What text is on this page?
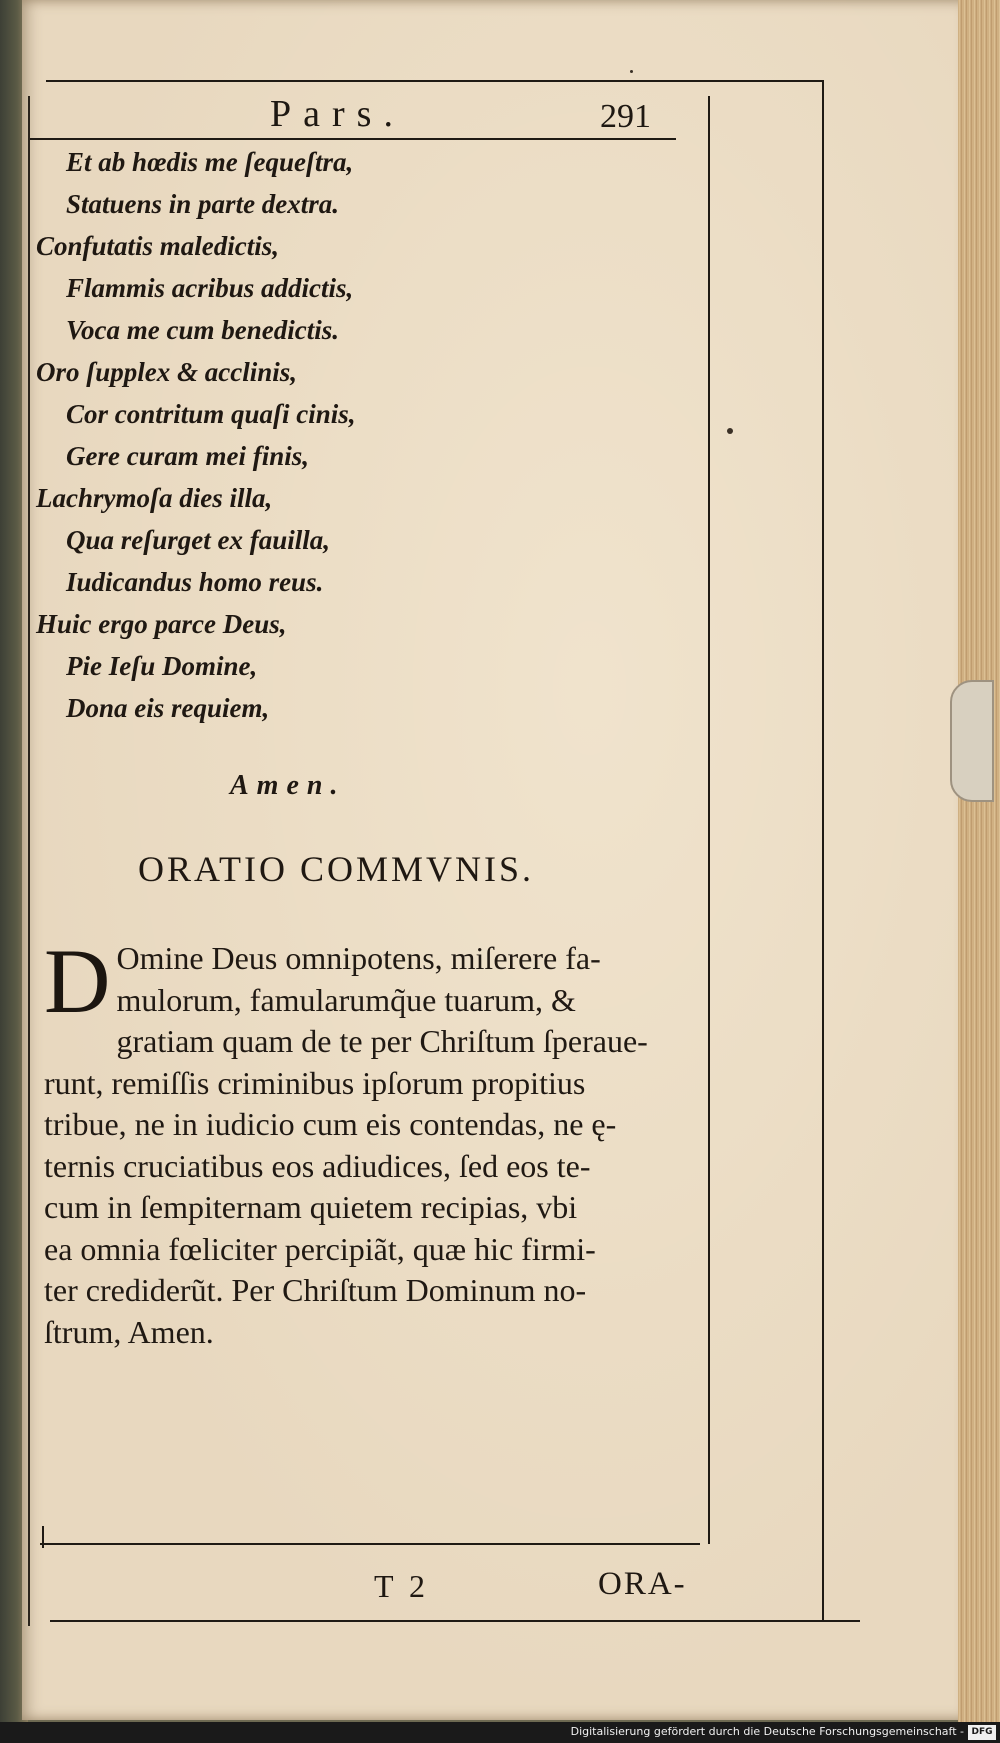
Pars.	291
Et ab hœdis me ſequeſtra,
Statuens in parte dextra.
Confutatis maledictis,
Flammis acribus addictis,
Voca me cum benedictis.
Oro ſupplex & acclinis,
Cor contritum quaſi cinis,
Gere curam mei finis,
Lachrymoſa dies illa,
Qua reſurget ex fauilla,
Iudicandus homo reus.
Huic ergo parce Deus,
Pie Ieſu Domine,
Dona eis requiem,
Amen.
ORATIO COMMVNIS.
D Omine Deus omnipotens, miſerere fa-
mulorum, famularumq̃ue tuarum, &
gratiam quam de te per Chriſtum ſperaue-
runt, remiſſis criminibus ipſorum propitius
tribue, ne in iudicio cum eis contendas, ne ę-
ternis cruciatibus eos adiudices, ſed eos te-
cum in ſempiternam quietem recipias, vbi
ea omnia fœliciter percipiãt, quæ hic firmi-
ter crediderũt. Per Chriſtum Dominum no-
ſtrum, Amen.
T 2	ORA-
Digitalisierung gefördert durch die Deutsche Forschungsgemeinschaft - DFG
